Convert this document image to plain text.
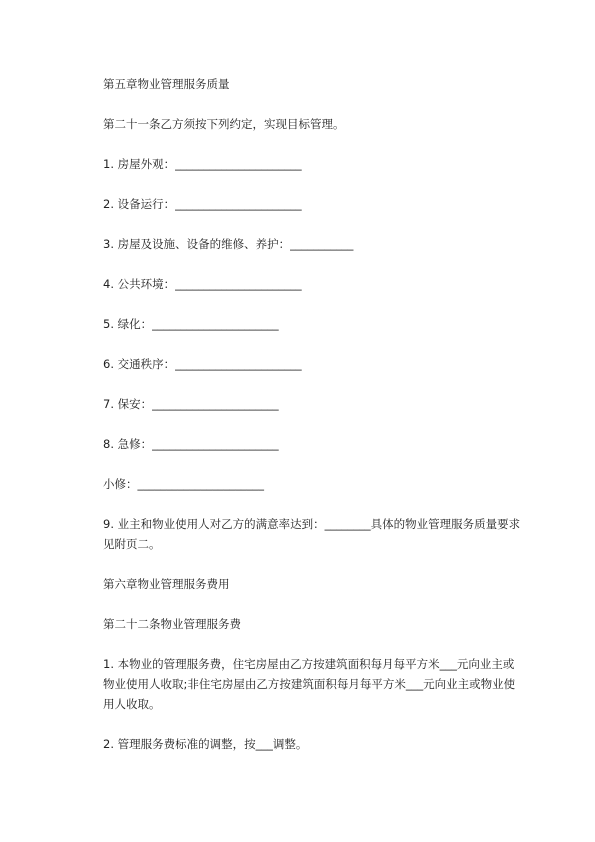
第五章物业管理服务质量
第二十一条乙方须按下列约定，实现目标管理。
1. 房屋外观：______________________
2. 设备运行：______________________
3. 房屋及设施、设备的维修、养护：___________
4. 公共环境：______________________
5. 绿化：______________________
6. 交通秩序：______________________
7. 保安：______________________
8. 急修：______________________
小修：______________________
9. 业主和物业使用人对乙方的满意率达到：________具体的物业管理服务质量要求见附页二。
第六章物业管理服务费用
第二十二条物业管理服务费
1. 本物业的管理服务费，住宅房屋由乙方按建筑面积每月每平方米___元向业主或物业使用人收取;非住宅房屋由乙方按建筑面积每月每平方米___元向业主或物业使用人收取。
2. 管理服务费标准的调整，按___调整。
